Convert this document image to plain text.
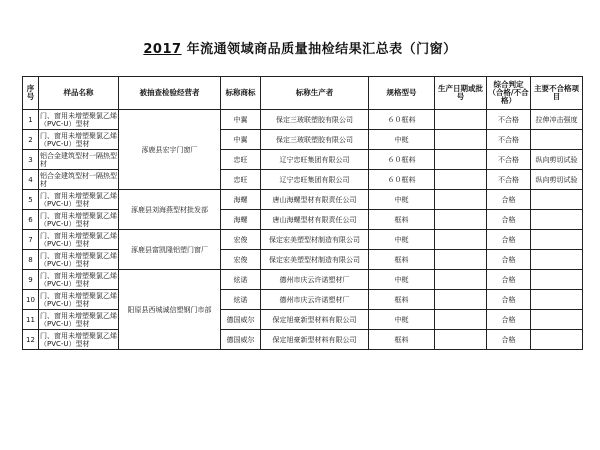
2017 年流通领域商品质量抽检结果汇总表（门窗）
序号	样品名称	被抽查检验经营者	标称商标	标称生产者	规格型号	生产日期或批号	综合判定（合格/不合格）	主要不合格项目
1	门、窗用未增塑聚氯乙烯（PVC-U）型材	涿鹿县宏宇门窗厂	中翼	保定三玻联塑胶有限公司	６０框料		不合格	拉伸冲击强度
2	门、窗用未增塑聚氯乙烯（PVC-U）型材		中翼	保定三玻联塑胶有限公司	中梃		不合格	
3	铝合金建筑型材一隔热型材		忠旺	辽宁忠旺集团有限公司	６０框料		不合格	纵向剪切试验
4	铝合金建筑型材一隔热型材		忠旺	辽宁忠旺集团有限公司	６０框料		不合格	纵向剪切试验
5	门、窗用未增塑聚氯乙烯（PVC-U）型材	涿鹿县刘海燕型材批发部	海螺	唐山海螺型材有限责任公司	中梃		合格	
6	门、窗用未增塑聚氯乙烯（PVC-U）型材		海螺	唐山海螺型材有限责任公司	框料		合格	
7	门、窗用未增塑聚氯乙烯（PVC-U）型材	涿鹿县富凯隆铝塑门窗厂	宏俊	保定宏美塑型材制造有限公司	中梃		合格	
8	门、窗用未增塑聚氯乙烯（PVC-U）型材		宏俊	保定宏美塑型材制造有限公司	框料		合格	
9	门、窗用未增塑聚氯乙烯（PVC-U）型材	阳原县西城诚信塑钢门市部	炫诺	德州市庆云许诺塑材厂	中梃		合格	
10	门、窗用未增塑聚氯乙烯（PVC-U）型材		炫诺	德州市庆云许诺塑材厂	框料		合格	
11	门、窗用未增塑聚氯乙烯（PVC-U）型材		德国威尔	保定旭豪新型材料有限公司	中梃		合格	
12	门、窗用未增塑聚氯乙烯（PVC-U）型材		德国威尔	保定旭豪新型材料有限公司	框料		合格	
